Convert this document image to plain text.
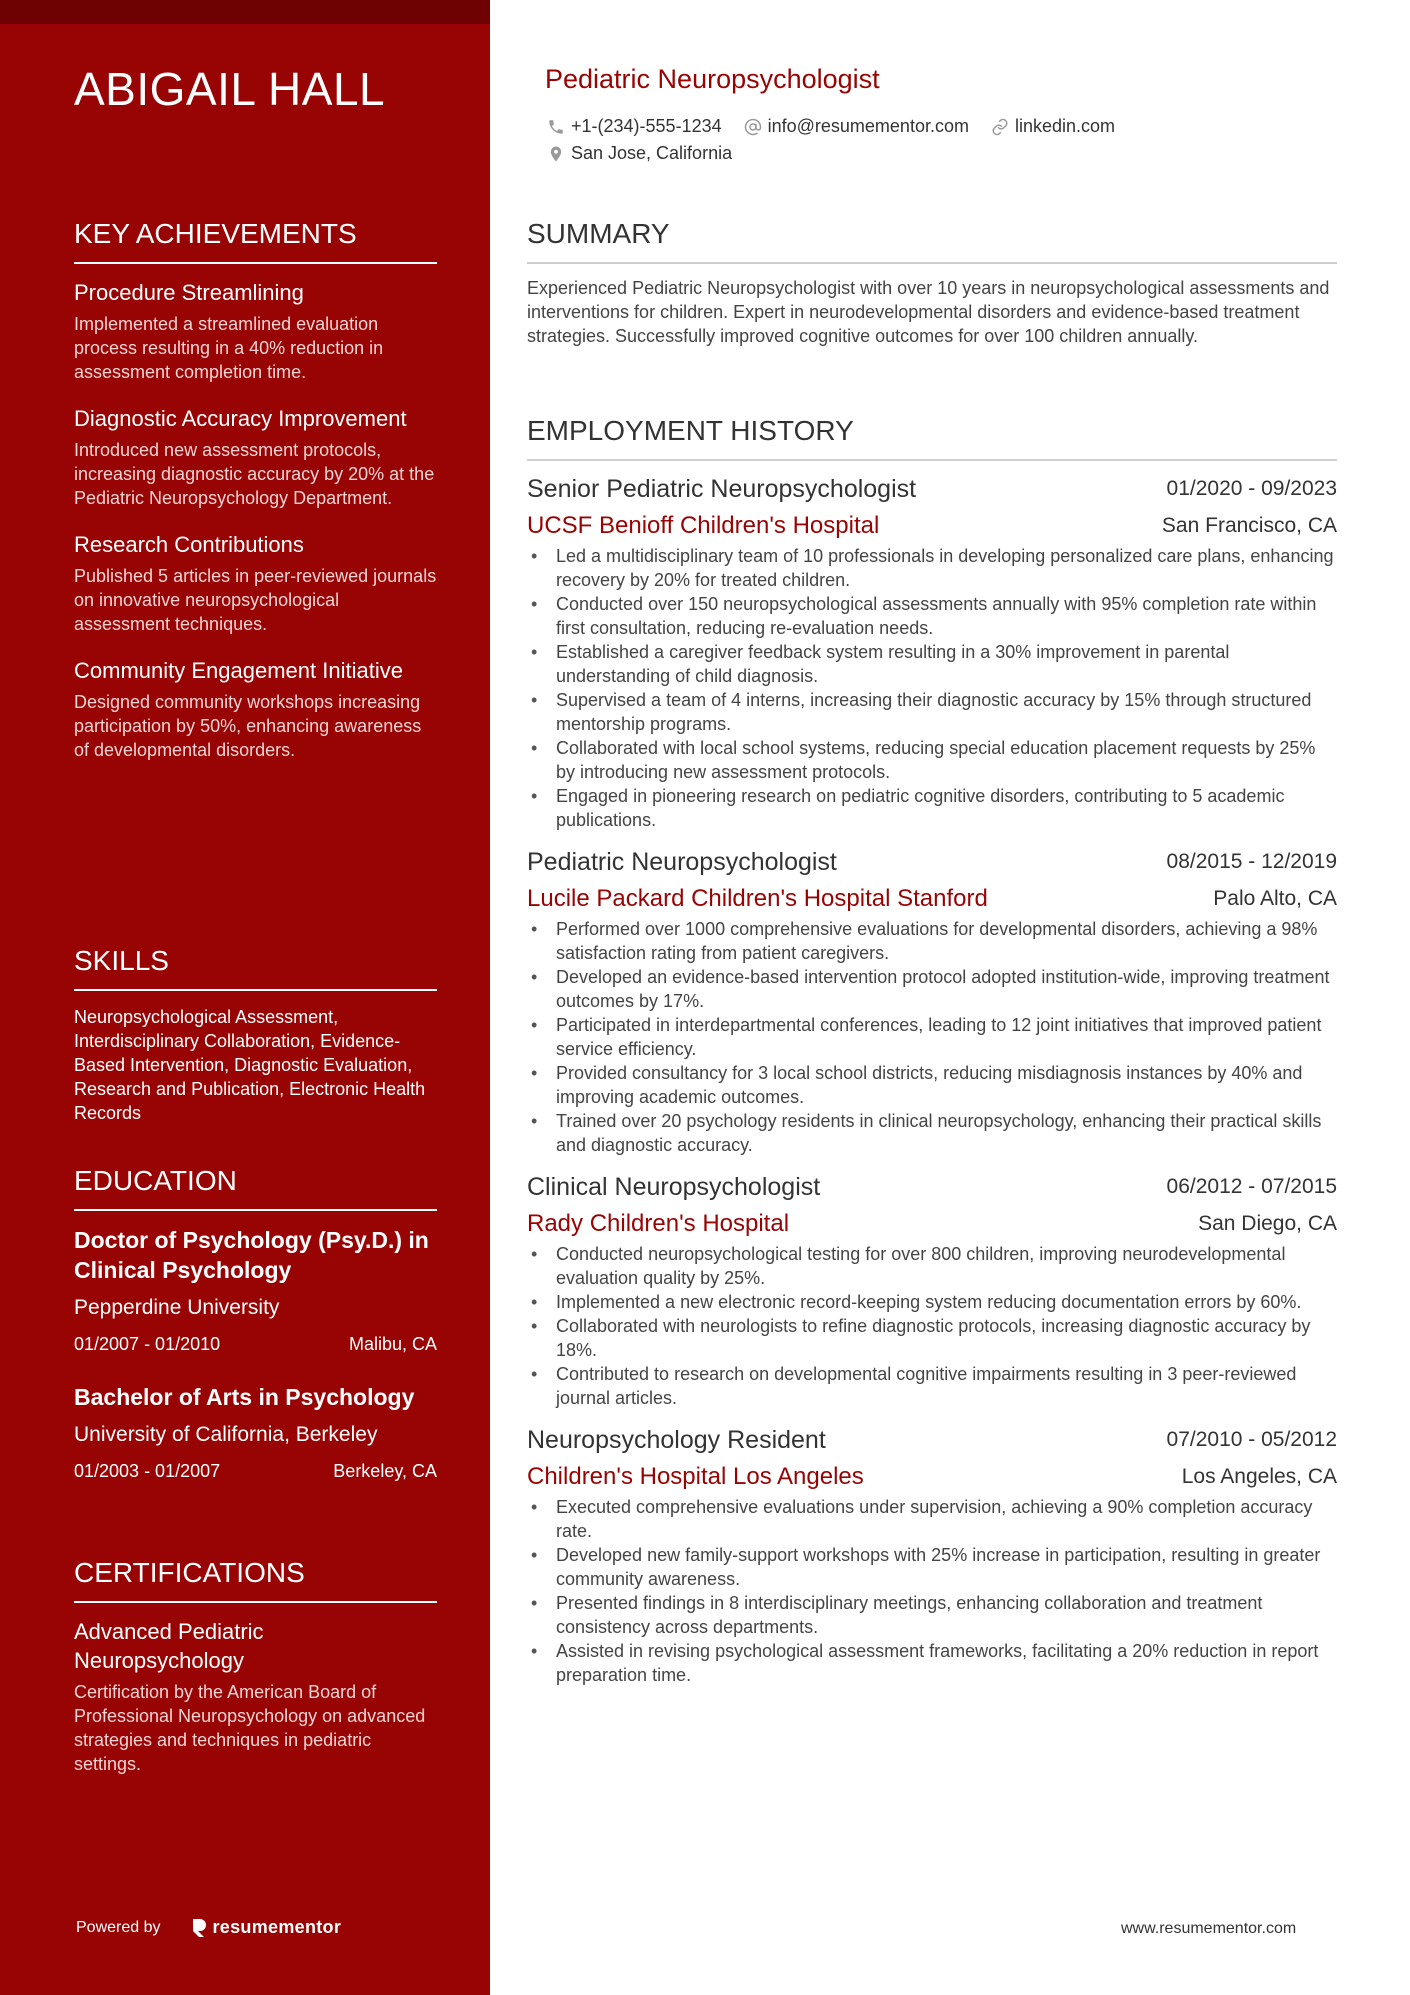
ABIGAIL HALL
KEY ACHIEVEMENTS
Procedure Streamlining
Implemented a streamlined evaluation process resulting in a 40% reduction in assessment completion time.
Diagnostic Accuracy Improvement
Introduced new assessment protocols, increasing diagnostic accuracy by 20% at the Pediatric Neuropsychology Department.
Research Contributions
Published 5 articles in peer-reviewed journals on innovative neuropsychological assessment techniques.
Community Engagement Initiative
Designed community workshops increasing participation by 50%, enhancing awareness of developmental disorders.
SKILLS
Neuropsychological Assessment, Interdisciplinary Collaboration, Evidence-Based Intervention, Diagnostic Evaluation, Research and Publication, Electronic Health Records
EDUCATION
Doctor of Psychology (Psy.D.) in Clinical Psychology
Pepperdine University
01/2007 - 01/2010	Malibu, CA
Bachelor of Arts in Psychology
University of California, Berkeley
01/2003 - 01/2007	Berkeley, CA
CERTIFICATIONS
Advanced Pediatric Neuropsychology
Certification by the American Board of Professional Neuropsychology on advanced strategies and techniques in pediatric settings.
Powered by	resumementor
Pediatric Neuropsychologist
+1-(234)-555-1234	info@resumementor.com	linkedin.com
San Jose, California
SUMMARY
Experienced Pediatric Neuropsychologist with over 10 years in neuropsychological assessments and interventions for children. Expert in neurodevelopmental disorders and evidence-based treatment strategies. Successfully improved cognitive outcomes for over 100 children annually.
EMPLOYMENT HISTORY
Senior Pediatric Neuropsychologist	01/2020 - 09/2023
UCSF Benioff Children's Hospital	San Francisco, CA
• Led a multidisciplinary team of 10 professionals in developing personalized care plans, enhancing recovery by 20% for treated children.
• Conducted over 150 neuropsychological assessments annually with 95% completion rate within first consultation, reducing re-evaluation needs.
• Established a caregiver feedback system resulting in a 30% improvement in parental understanding of child diagnosis.
• Supervised a team of 4 interns, increasing their diagnostic accuracy by 15% through structured mentorship programs.
• Collaborated with local school systems, reducing special education placement requests by 25% by introducing new assessment protocols.
• Engaged in pioneering research on pediatric cognitive disorders, contributing to 5 academic publications.
Pediatric Neuropsychologist	08/2015 - 12/2019
Lucile Packard Children's Hospital Stanford	Palo Alto, CA
• Performed over 1000 comprehensive evaluations for developmental disorders, achieving a 98% satisfaction rating from patient caregivers.
• Developed an evidence-based intervention protocol adopted institution-wide, improving treatment outcomes by 17%.
• Participated in interdepartmental conferences, leading to 12 joint initiatives that improved patient service efficiency.
• Provided consultancy for 3 local school districts, reducing misdiagnosis instances by 40% and improving academic outcomes.
• Trained over 20 psychology residents in clinical neuropsychology, enhancing their practical skills and diagnostic accuracy.
Clinical Neuropsychologist	06/2012 - 07/2015
Rady Children's Hospital	San Diego, CA
• Conducted neuropsychological testing for over 800 children, improving neurodevelopmental evaluation quality by 25%.
• Implemented a new electronic record-keeping system reducing documentation errors by 60%.
• Collaborated with neurologists to refine diagnostic protocols, increasing diagnostic accuracy by 18%.
• Contributed to research on developmental cognitive impairments resulting in 3 peer-reviewed journal articles.
Neuropsychology Resident	07/2010 - 05/2012
Children's Hospital Los Angeles	Los Angeles, CA
• Executed comprehensive evaluations under supervision, achieving a 90% completion accuracy rate.
• Developed new family-support workshops with 25% increase in participation, resulting in greater community awareness.
• Presented findings in 8 interdisciplinary meetings, enhancing collaboration and treatment consistency across departments.
• Assisted in revising psychological assessment frameworks, facilitating a 20% reduction in report preparation time.
www.resumementor.com
